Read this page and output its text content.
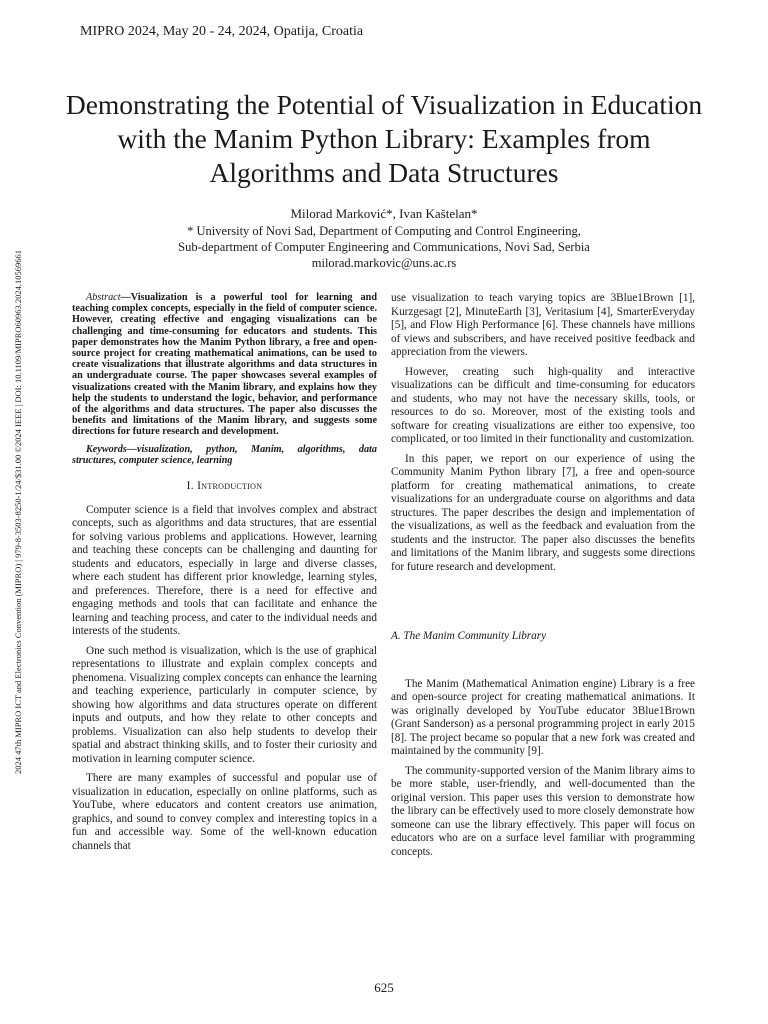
MIPRO 2024, May 20 - 24, 2024, Opatija, Croatia
Demonstrating the Potential of Visualization in Education with the Manim Python Library: Examples from Algorithms and Data Structures
Milorad Marković*, Ivan Kaštelan*
* University of Novi Sad, Department of Computing and Control Engineering,
Sub-department of Computer Engineering and Communications, Novi Sad, Serbia
milorad.markovic@uns.ac.rs
2024 47th MIPRO ICT and Electronics Convention (MIPRO) | 979-8-3503-8250-1/24/$31.00 ©2024 IEEE | DOI: 10.1109/MIPRO60963.2024.10569661	Abstract—Visualization is a powerful tool for learning and teaching complex concepts, especially in the field of computer science. However, creating effective and engaging visualizations can be challenging and time-consuming for educators and students. This paper demonstrates how the Manim Python library, a free and open-source project for creating mathematical animations, can be used to create visualizations that illustrate algorithms and data structures in an undergraduate course. The paper showcases several examples of visualizations created with the Manim library, and explains how they help the students to understand the logic, behavior, and performance of the algorithms and data structures. The paper also discusses the benefits and limitations of the Manim library, and suggests some directions for future research and development.

Keywords—visualization, python, Manim, algorithms, data structures, computer science, learning

I. Introduction

Computer science is a field that involves complex and abstract concepts, such as algorithms and data structures, that are essential for solving various problems and applications. However, learning and teaching these concepts can be challenging and daunting for students and educators, especially in large and diverse classes, where each student has different prior knowledge, learning styles, and preferences. Therefore, there is a need for effective and engaging methods and tools that can facilitate and enhance the learning and teaching process, and cater to the individual needs and interests of the students.

One such method is visualization, which is the use of graphical representations to illustrate and explain complex concepts and phenomena. Visualizing complex concepts can enhance the learning and teaching experience, particularly in computer science, by showing how algorithms and data structures operate on different inputs and outputs, and how they relate to other concepts and problems. Visualization can also help students to develop their spatial and abstract thinking skills, and to foster their curiosity and motivation in learning computer science.

There are many examples of successful and popular use of visualization in education, especially on online platforms, such as YouTube, where educators and content creators use animation, graphics, and sound to convey complex and interesting topics in a fun and accessible way. Some of the well-known education channels that

use visualization to teach varying topics are 3Blue1Brown [1], Kurzgesagt [2], MinuteEarth [3], Veritasium [4], SmarterEveryday [5], and Flow High Performance [6]. These channels have millions of views and subscribers, and have received positive feedback and appreciation from the viewers.

However, creating such high-quality and interactive visualizations can be difficult and time-consuming for educators and students, who may not have the necessary skills, tools, or resources to do so. Moreover, most of the existing tools and software for creating visualizations are either too expensive, too complicated, or too limited in their functionality and customization.

In this paper, we report on our experience of using the Community Manim Python library [7], a free and open-source platform for creating mathematical animations, to create visualizations for an undergraduate course on algorithms and data structures. The paper describes the design and implementation of the visualizations, as well as the feedback and evaluation from the students and the instructor. The paper also discusses the benefits and limitations of the Manim library, and suggests some directions for future research and development.

A. The Manim Community Library

The Manim (Mathematical Animation engine) Library is a free and open-source project for creating mathematical animations. It was originally developed by YouTube educator 3Blue1Brown (Grant Sanderson) as a personal programming project in early 2015 [8]. The project became so popular that a new fork was created and maintained by the community [9].

The community-supported version of the Manim library aims to be more stable, user-friendly, and well-documented than the original version. This paper uses this version to demonstrate how the library can be effectively used to more closely demonstrate how someone can use the library effectively. This paper will focus on educators who are on a surface level familiar with programming concepts.

625
